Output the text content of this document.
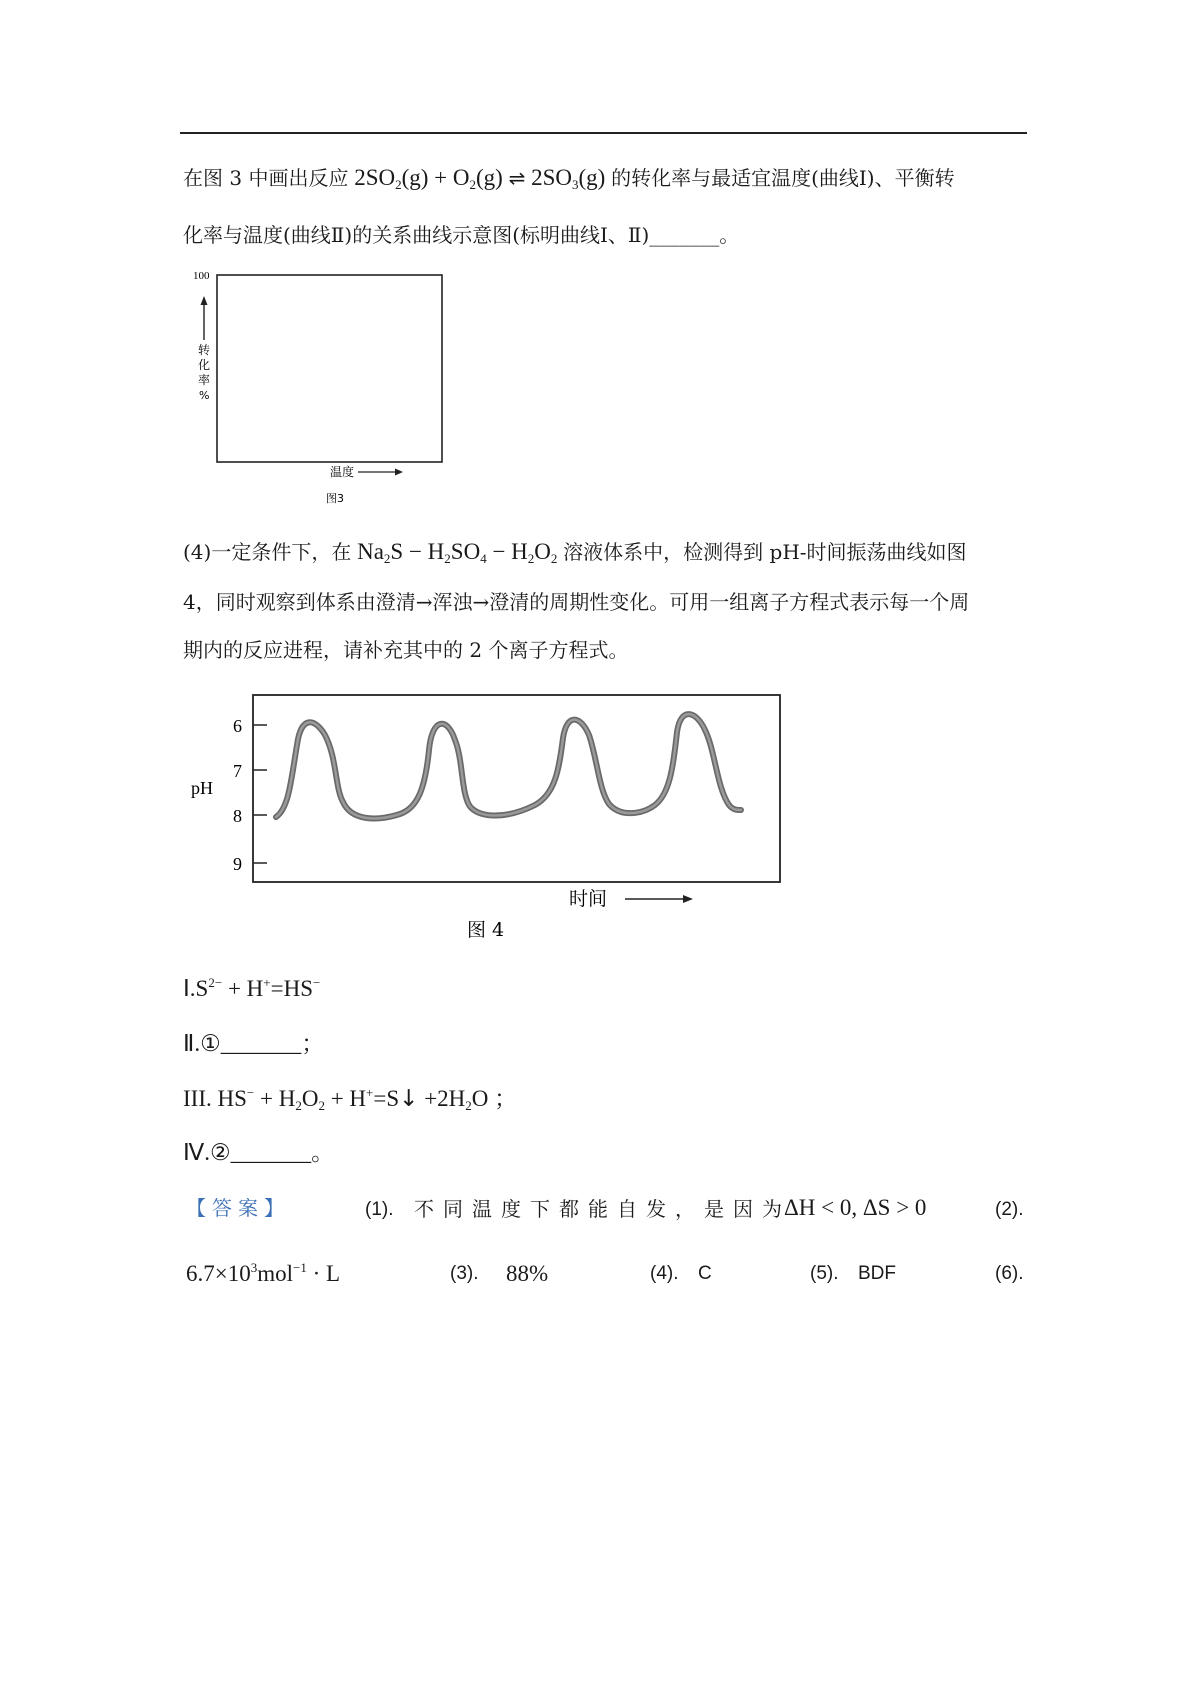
在图 3 中画出反应 $2SO_2(g) + O_2(g)$ ⇌ $2SO_3(g)$ 的转化率与最适宜温度(曲线Ⅰ)、平衡转
化率与温度(曲线Ⅱ)的关系曲线示意图(标明曲线Ⅰ、Ⅱ)_______。
100
转
化
率
%
温度
图3
(4)一定条件下，在 $Na_2S - H_2SO_4 - H_2O_2$ 溶液体系中，检测得到 pH-时间振荡曲线如图
4，同时观察到体系由澄清→浑浊→澄清的周期性变化。可用一组离子方程式表示每一个周
期内的反应进程，请补充其中的 2 个离子方程式。
6
7
8
9
pH
时间
图 4
$Ⅰ.S^{2-} + H^+=HS^-$
Ⅱ.①_______；
III. $HS^- + H_2O_2$ + H+=S↓ $+2H_2O$ ；
Ⅳ.②_______。
【答案】	(1). 不同温度下都能自发，是因为
ΔH < 0, ΔS > 0	(2).
$6.7\times 10^3mol^{-1} \cdot L$	(3). 88%	(4). C	(5). BDF	(6).
